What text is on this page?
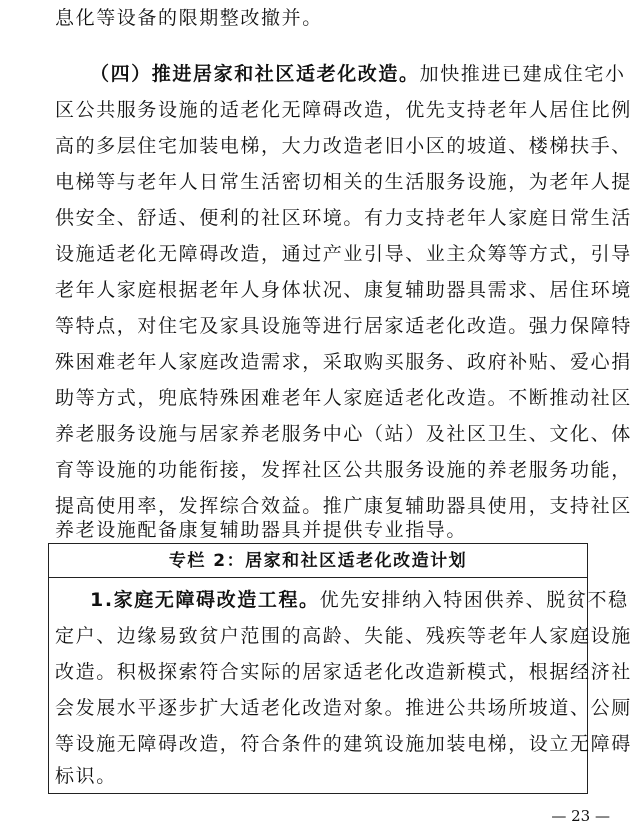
息化等设备的限期整改撤并。
（四）推进居家和社区适老化改造。加快推进已建成住宅小
区公共服务设施的适老化无障碍改造，优先支持老年人居住比例
高的多层住宅加装电梯，大力改造老旧小区的坡道、楼梯扶手、
电梯等与老年人日常生活密切相关的生活服务设施，为老年人提
供安全、舒适、便利的社区环境。有力支持老年人家庭日常生活
设施适老化无障碍改造，通过产业引导、业主众筹等方式，引导
老年人家庭根据老年人身体状况、康复辅助器具需求、居住环境
等特点，对住宅及家具设施等进行居家适老化改造。强力保障特
殊困难老年人家庭改造需求，采取购买服务、政府补贴、爱心捐
助等方式，兜底特殊困难老年人家庭适老化改造。不断推动社区
养老服务设施与居家养老服务中心（站）及社区卫生、文化、体
育等设施的功能衔接，发挥社区公共服务设施的养老服务功能，
提高使用率，发挥综合效益。推广康复辅助器具使用，支持社区
养老设施配备康复辅助器具并提供专业指导。
专栏 2：居家和社区适老化改造计划
1.家庭无障碍改造工程。优先安排纳入特困供养、脱贫不稳
定户、边缘易致贫户范围的高龄、失能、残疾等老年人家庭设施
改造。积极探索符合实际的居家适老化改造新模式，根据经济社
会发展水平逐步扩大适老化改造对象。推进公共场所坡道、公厕
等设施无障碍改造，符合条件的建筑设施加装电梯，设立无障碍
标识。
— 23 —
